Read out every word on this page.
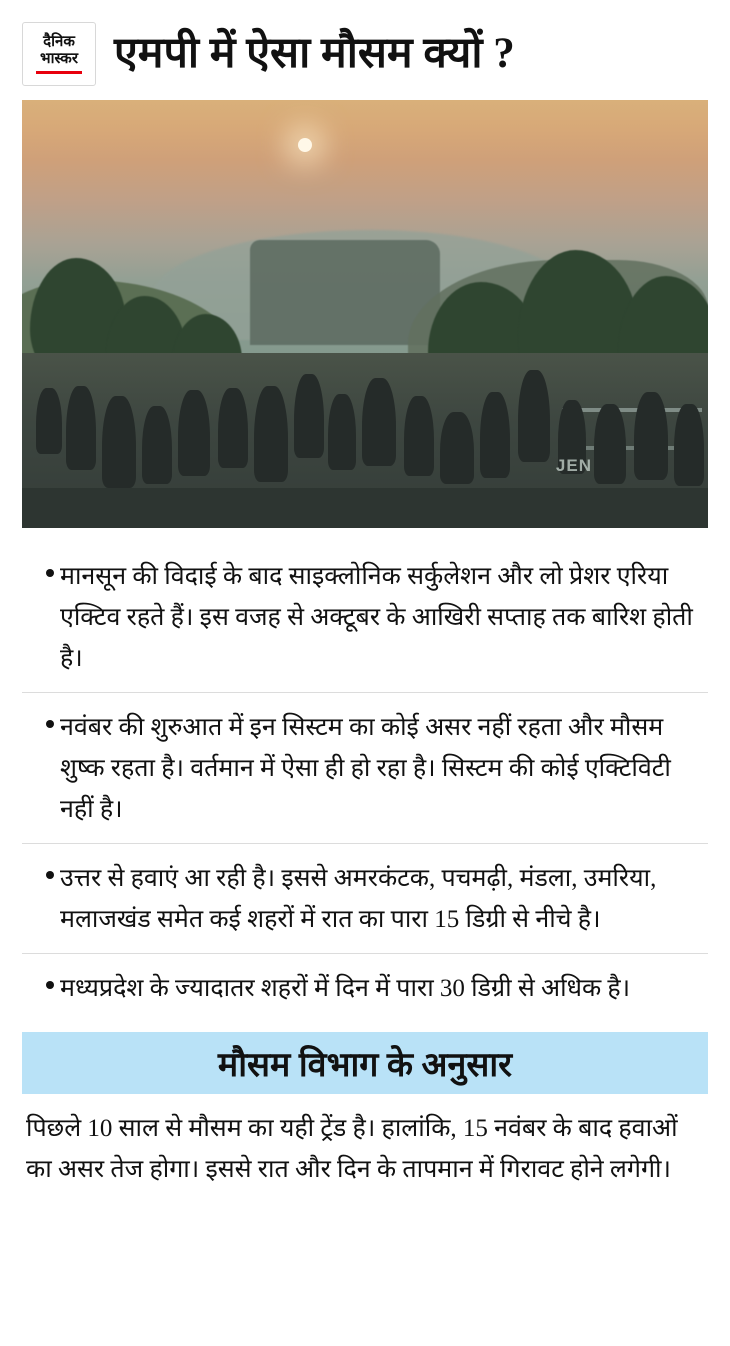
दैनिक
भास्कर एमपी में ऐसा मौसम क्यों ?
JEN
मानसून की विदाई के बाद साइक्लोनिक सर्कुलेशन और लो प्रेशर एरिया एक्टिव रहते हैं। इस वजह से अक्टूबर के आखिरी सप्ताह तक बारिश होती है।
नवंबर की शुरुआत में इन सिस्टम का कोई असर नहीं रहता और मौसम शुष्क रहता है। वर्तमान में ऐसा ही हो रहा है। सिस्टम की कोई एक्टिविटी नहीं है।
उत्तर से हवाएं आ रही है। इससे अमरकंटक, पचमढ़ी, मंडला, उमरिया, मलाजखंड समेत कई शहरों में रात का पारा 15 डिग्री से नीचे है।
मध्यप्रदेश के ज्यादातर शहरों में दिन में पारा 30 डिग्री से अधिक है।
मौसम विभाग के अनुसार
पिछले 10 साल से मौसम का यही ट्रेंड है। हालांकि, 15 नवंबर के बाद हवाओं का असर तेज होगा। इससे रात और दिन के तापमान में गिरावट होने लगेगी।
